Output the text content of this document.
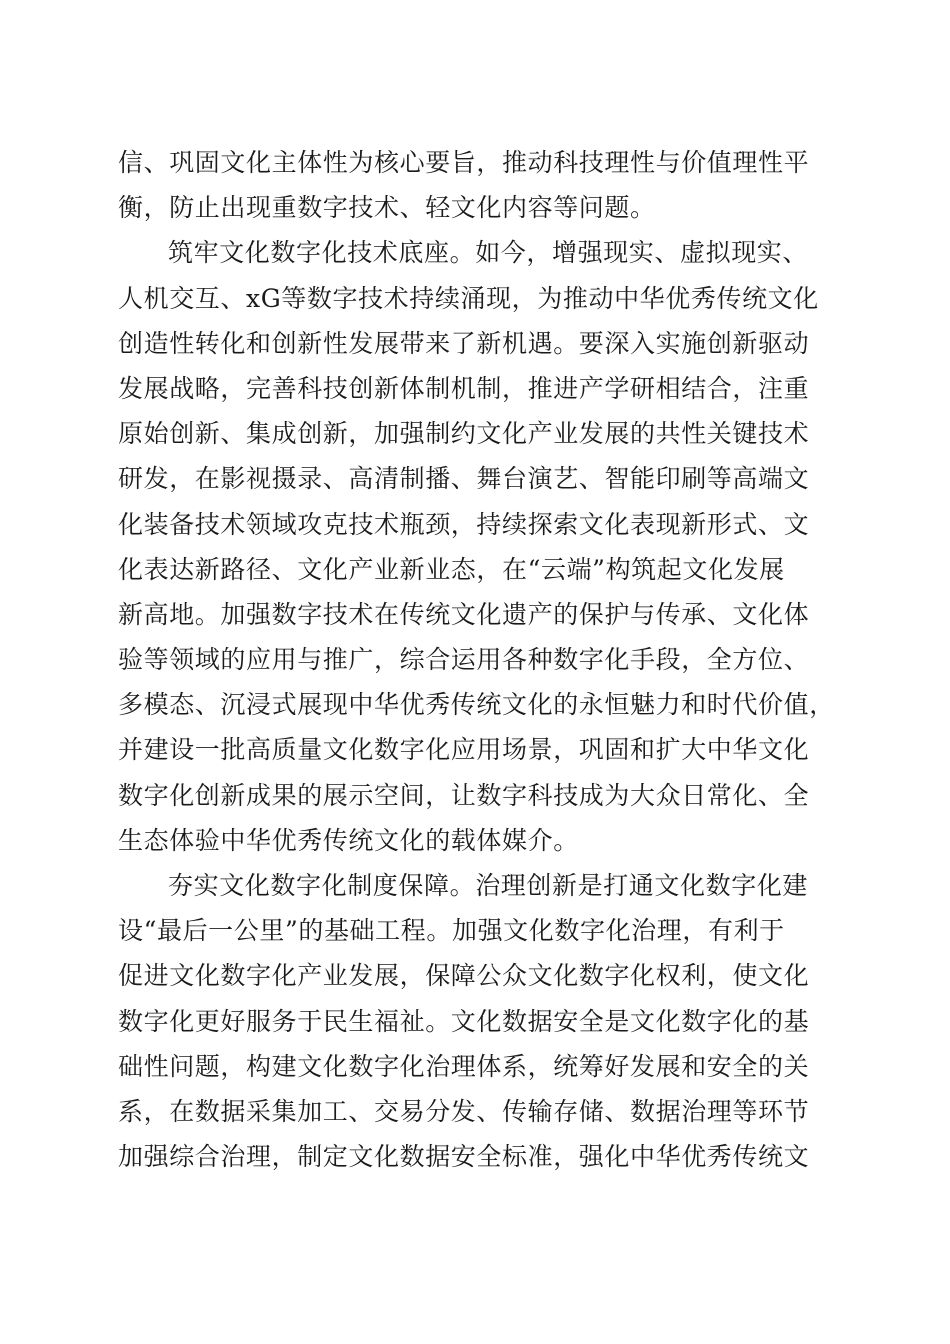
信、巩固文化主体性为核心要旨，推动科技理性与价值理性平
衡，防止出现重数字技术、轻文化内容等问题。
筑牢文化数字化技术底座。如今，增强现实、虚拟现实、
人机交互、xG等数字技术持续涌现，为推动中华优秀传统文化
创造性转化和创新性发展带来了新机遇。要深入实施创新驱动
发展战略，完善科技创新体制机制，推进产学研相结合，注重
原始创新、集成创新，加强制约文化产业发展的共性关键技术
研发，在影视摄录、高清制播、舞台演艺、智能印刷等高端文
化装备技术领域攻克技术瓶颈，持续探索文化表现新形式、文
化表达新路径、文化产业新业态，在“云端”构筑起文化发展
新高地。加强数字技术在传统文化遗产的保护与传承、文化体
验等领域的应用与推广，综合运用各种数字化手段，全方位、
多模态、沉浸式展现中华优秀传统文化的永恒魅力和时代价值，
并建设一批高质量文化数字化应用场景，巩固和扩大中华文化
数字化创新成果的展示空间，让数字科技成为大众日常化、全
生态体验中华优秀传统文化的载体媒介。
夯实文化数字化制度保障。治理创新是打通文化数字化建
设“最后一公里”的基础工程。加强文化数字化治理，有利于
促进文化数字化产业发展，保障公众文化数字化权利，使文化
数字化更好服务于民生福祉。文化数据安全是文化数字化的基
础性问题，构建文化数字化治理体系，统筹好发展和安全的关
系，在数据采集加工、交易分发、传输存储、数据治理等环节
加强综合治理，制定文化数据安全标准，强化中华优秀传统文
